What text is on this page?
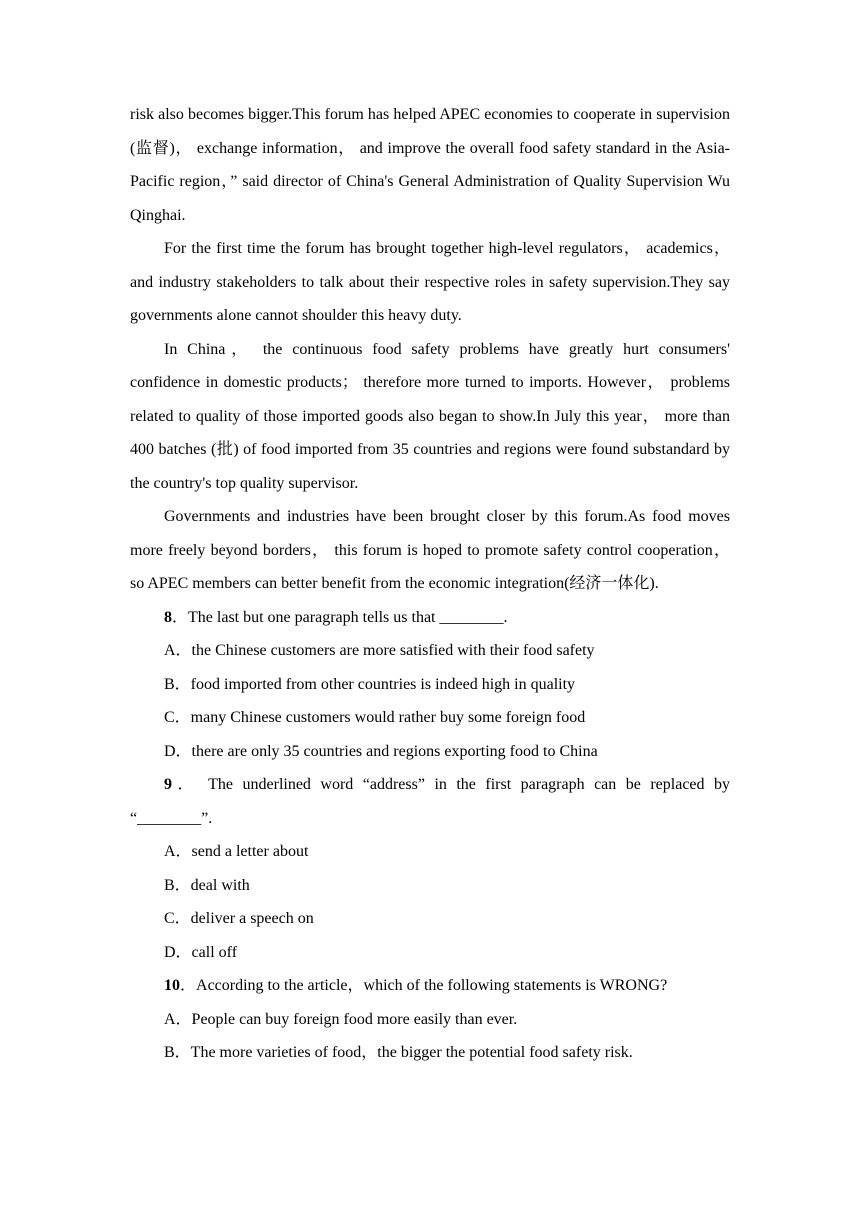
risk also becomes bigger.This forum has helped APEC economies to cooperate in supervision (监督)， exchange information， and improve the overall food safety standard in the Asia-Pacific region，” said director of China's General Administration of Quality Supervision Wu Qinghai.

For the first time the forum has brought together high-level regulators， academics， and industry stakeholders to talk about their respective roles in safety supervision.They say governments alone cannot shoulder this heavy duty.

In China， the continuous food safety problems have greatly hurt consumers' confidence in domestic products； therefore more turned to imports. However， problems related to quality of those imported goods also began to show.In July this year， more than 400 batches (批) of food imported from 35 countries and regions were found substandard by the country's top quality supervisor.

Governments and industries have been brought closer by this forum.As food moves more freely beyond borders， this forum is hoped to promote safety control cooperation， so APEC members can better benefit from the economic integration(经济一体化).

8．The last but one paragraph tells us that ________.

A．the Chinese customers are more satisfied with their food safety

B．food imported from other countries is indeed high in quality

C．many Chinese customers would rather buy some foreign food

D．there are only 35 countries and regions exporting food to China

9． The underlined word “address” in the first paragraph can be replaced by “________”.

A．send a letter about

B．deal with

C．deliver a speech on

D．call off

10．According to the article，which of the following statements is WRONG?

A．People can buy foreign food more easily than ever.

B．The more varieties of food，the bigger the potential food safety risk.
